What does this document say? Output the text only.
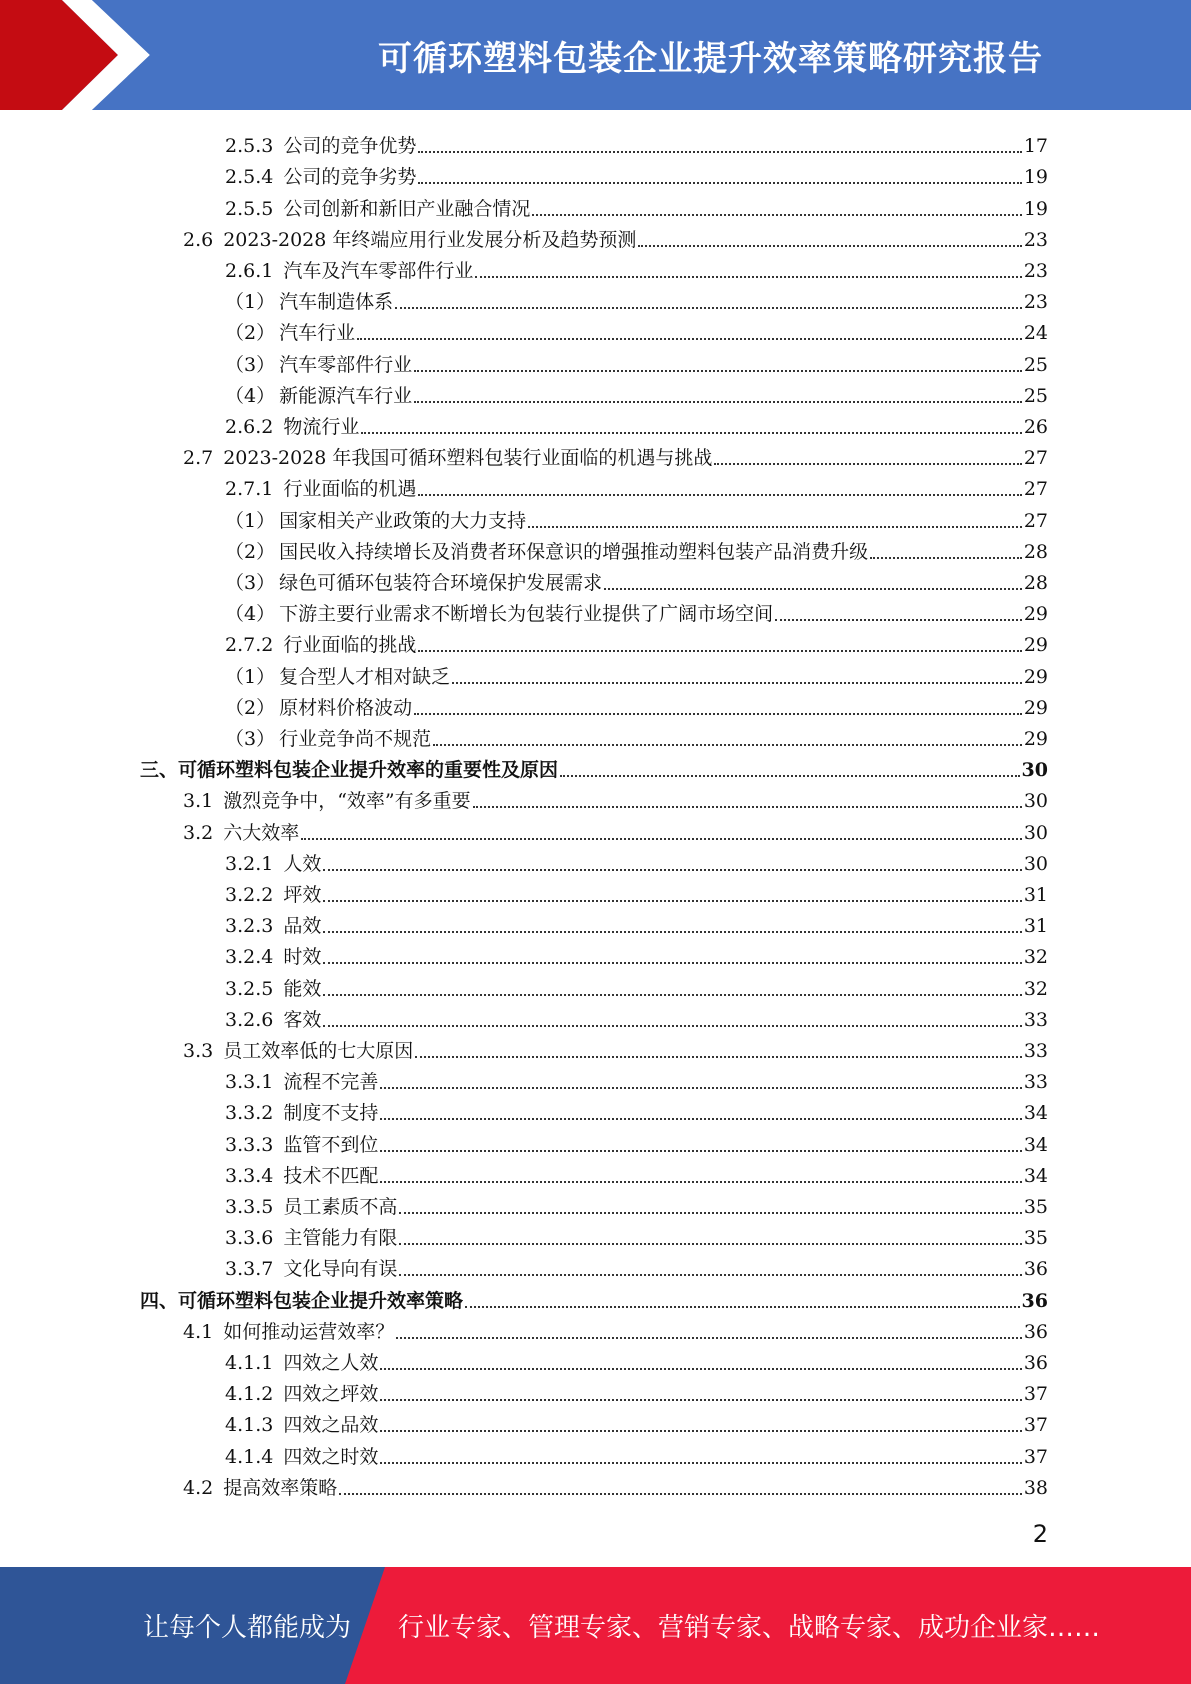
可循环塑料包装企业提升效率策略研究报告
2.5.3 公司的竞争优势	17
2.5.4 公司的竞争劣势	19
2.5.5 公司创新和新旧产业融合情况	19
2.6 2023-2028 年终端应用行业发展分析及趋势预测	23
2.6.1 汽车及汽车零部件行业	23
（1） 汽车制造体系	23
（2） 汽车行业	24
（3） 汽车零部件行业	25
（4） 新能源汽车行业	25
2.6.2 物流行业	26
2.7 2023-2028 年我国可循环塑料包装行业面临的机遇与挑战	27
2.7.1 行业面临的机遇	27
（1） 国家相关产业政策的大力支持	27
（2） 国民收入持续增长及消费者环保意识的增强推动塑料包装产品消费升级	28
（3） 绿色可循环包装符合环境保护发展需求	28
（4） 下游主要行业需求不断增长为包装行业提供了广阔市场空间	29
2.7.2 行业面临的挑战	29
（1） 复合型人才相对缺乏	29
（2） 原材料价格波动	29
（3） 行业竞争尚不规范	29
三、可循环塑料包装企业提升效率的重要性及原因	30
3.1 激烈竞争中，“效率”有多重要	30
3.2 六大效率	30
3.2.1 人效	30
3.2.2 坪效	31
3.2.3 品效	31
3.2.4 时效	32
3.2.5 能效	32
3.2.6 客效	33
3.3 员工效率低的七大原因	33
3.3.1 流程不完善	33
3.3.2 制度不支持	34
3.3.3 监管不到位	34
3.3.4 技术不匹配	34
3.3.5 员工素质不高	35
3.3.6 主管能力有限	35
3.3.7 文化导向有误	36
四、可循环塑料包装企业提升效率策略	36
4.1 如何推动运营效率？	36
4.1.1 四效之人效	36
4.1.2 四效之坪效	37
4.1.3 四效之品效	37
4.1.4 四效之时效	37
4.2 提高效率策略	38
2
让每个人都能成为 行业专家、管理专家、营销专家、战略专家、成功企业家……
